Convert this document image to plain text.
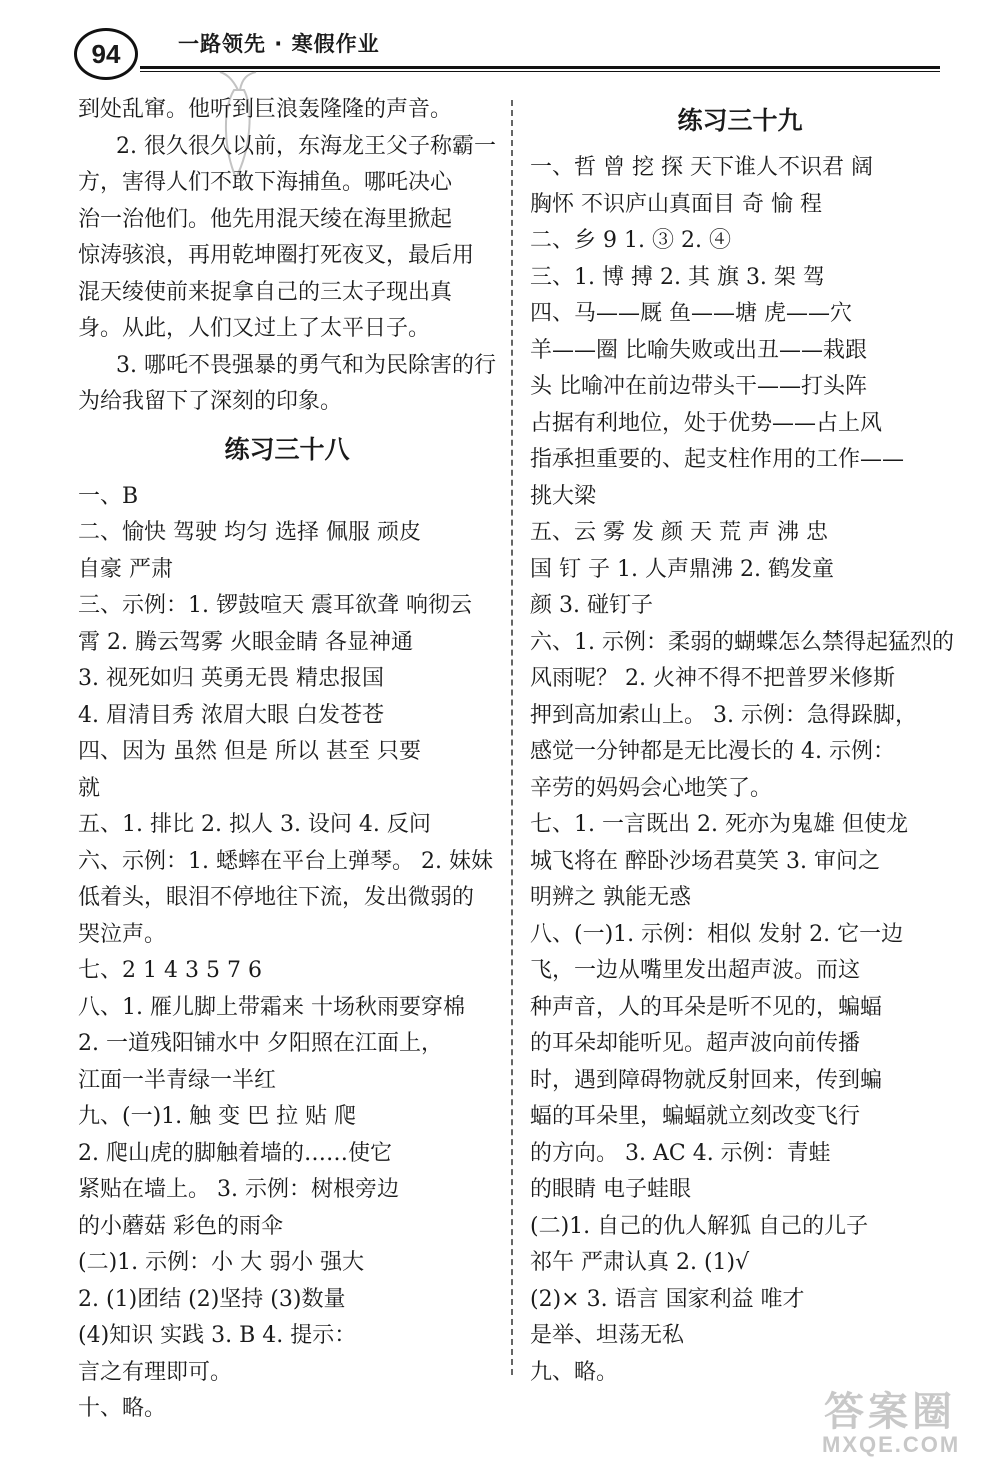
94	一路领先 · 寒假作业
到处乱窜。他听到巨浪轰隆隆的声音。
2. 很久很久以前，东海龙王父子称霸一
方，害得人们不敢下海捕鱼。哪吒决心
治一治他们。他先用混天绫在海里掀起
惊涛骇浪，再用乾坤圈打死夜叉，最后用
混天绫使前来捉拿自己的三太子现出真
身。从此，人们又过上了太平日子。
3. 哪吒不畏强暴的勇气和为民除害的行
为给我留下了深刻的印象。
练习三十八
一、B
二、愉快 驾驶 均匀 选择 佩服 顽皮
自豪 严肃
三、示例：1. 锣鼓喧天 震耳欲聋 响彻云
霄 2. 腾云驾雾 火眼金睛 各显神通
3. 视死如归 英勇无畏 精忠报国
4. 眉清目秀 浓眉大眼 白发苍苍
四、因为 虽然 但是 所以 甚至 只要
就
五、1. 排比 2. 拟人 3. 设问 4. 反问
六、示例：1. 蟋蟀在平台上弹琴。 2. 妹妹
低着头，眼泪不停地往下流，发出微弱的
哭泣声。
七、2 1 4 3 5 7 6
八、1. 雁儿脚上带霜来 十场秋雨要穿棉
2. 一道残阳铺水中 夕阳照在江面上，
江面一半青绿一半红
九、(一)1. 触 变 巴 拉 贴 爬
2. 爬山虎的脚触着墙的……使它
紧贴在墙上。 3. 示例：树根旁边
的小蘑菇 彩色的雨伞
(二)1. 示例：小 大 弱小 强大
2. (1)团结 (2)坚持 (3)数量
(4)知识 实践 3. B 4. 提示：
言之有理即可。
十、略。
练习三十九
一、哲 曾 挖 探 天下谁人不识君 阔
胸怀 不识庐山真面目 奇 愉 程
二、乡 9 1. ③ 2. ④
三、1. 博 搏 2. 其 旗 3. 架 驾
四、马——厩 鱼——塘 虎——穴
羊——圈 比喻失败或出丑——栽跟
头 比喻冲在前边带头干——打头阵
占据有利地位，处于优势——占上风
指承担重要的、起支柱作用的工作——
挑大梁
五、云 雾 发 颜 天 荒 声 沸 忠
国 钉 子 1. 人声鼎沸 2. 鹤发童
颜 3. 碰钉子
六、1. 示例：柔弱的蝴蝶怎么禁得起猛烈的
风雨呢？ 2. 火神不得不把普罗米修斯
押到高加索山上。 3. 示例：急得跺脚，
感觉一分钟都是无比漫长的 4. 示例：
辛劳的妈妈会心地笑了。
七、1. 一言既出 2. 死亦为鬼雄 但使龙
城飞将在 醉卧沙场君莫笑 3. 审问之
明辨之 孰能无惑
八、(一)1. 示例：相似 发射 2. 它一边
飞，一边从嘴里发出超声波。而这
种声音，人的耳朵是听不见的，蝙蝠
的耳朵却能听见。超声波向前传播
时，遇到障碍物就反射回来，传到蝙
蝠的耳朵里，蝙蝠就立刻改变飞行
的方向。 3. AC 4. 示例：青蛙
的眼睛 电子蛙眼
(二)1. 自己的仇人解狐 自己的儿子
祁午 严肃认真 2. (1)√
(2)× 3. 语言 国家利益 唯才
是举、坦荡无私
九、略。
答案圈
MXQE.COM
